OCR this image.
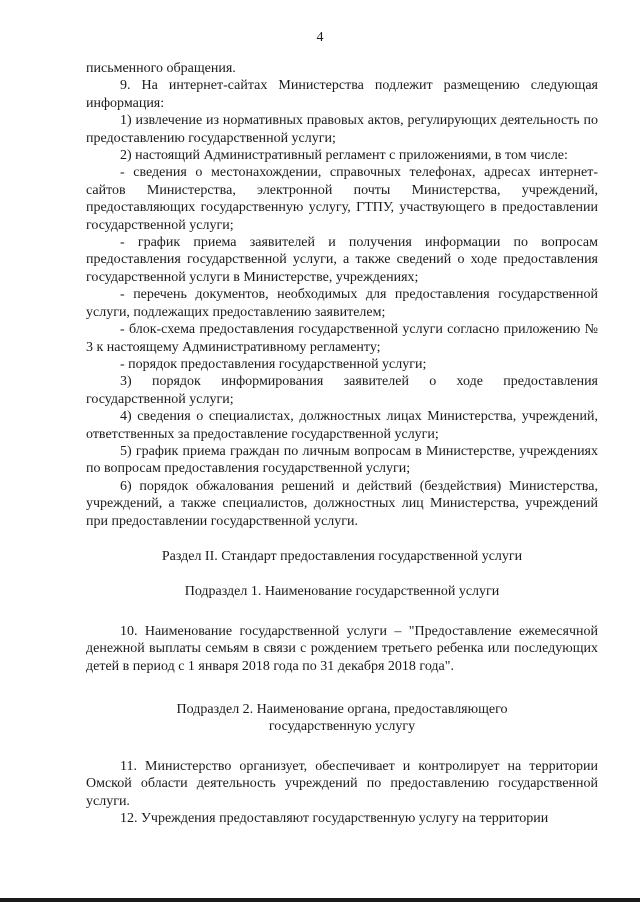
4

письменного обращения.

9. На интернет-сайтах Министерства подлежит размещению следующая информация:

1) извлечение из нормативных правовых актов, регулирующих деятельность по предоставлению государственной услуги;

2) настоящий Административный регламент с приложениями, в том числе:

- сведения о местонахождении, справочных телефонах, адресах интернет-сайтов Министерства, электронной почты Министерства, учреждений, предоставляющих государственную услугу, ГТПУ, участвующего в предоставлении государственной услуги;

- график приема заявителей и получения информации по вопросам предоставления государственной услуги, а также сведений о ходе предоставления государственной услуги в Министерстве, учреждениях;

- перечень документов, необходимых для предоставления государственной услуги, подлежащих предоставлению заявителем;

- блок-схема предоставления государственной услуги согласно приложению № 3 к настоящему Административному регламенту;

- порядок предоставления государственной услуги;

3) порядок информирования заявителей о ходе предоставления государственной услуги;

4) сведения о специалистах, должностных лицах Министерства, учреждений, ответственных за предоставление государственной услуги;

5) график приема граждан по личным вопросам в Министерстве, учреждениях по вопросам предоставления государственной услуги;

6) порядок обжалования решений и действий (бездействия) Министерства, учреждений, а также специалистов, должностных лиц Министерства, учреждений при предоставлении государственной услуги.

Раздел II. Стандарт предоставления государственной услуги

Подраздел 1. Наименование государственной услуги

10. Наименование государственной услуги – "Предоставление ежемесячной денежной выплаты семьям в связи с рождением третьего ребенка или последующих детей в период с 1 января 2018 года по 31 декабря 2018 года".

Подраздел 2. Наименование органа, предоставляющего государственную услугу

11. Министерство организует, обеспечивает и контролирует на территории Омской области деятельность учреждений по предоставлению государственной услуги.

12. Учреждения предоставляют государственную услугу на территории
